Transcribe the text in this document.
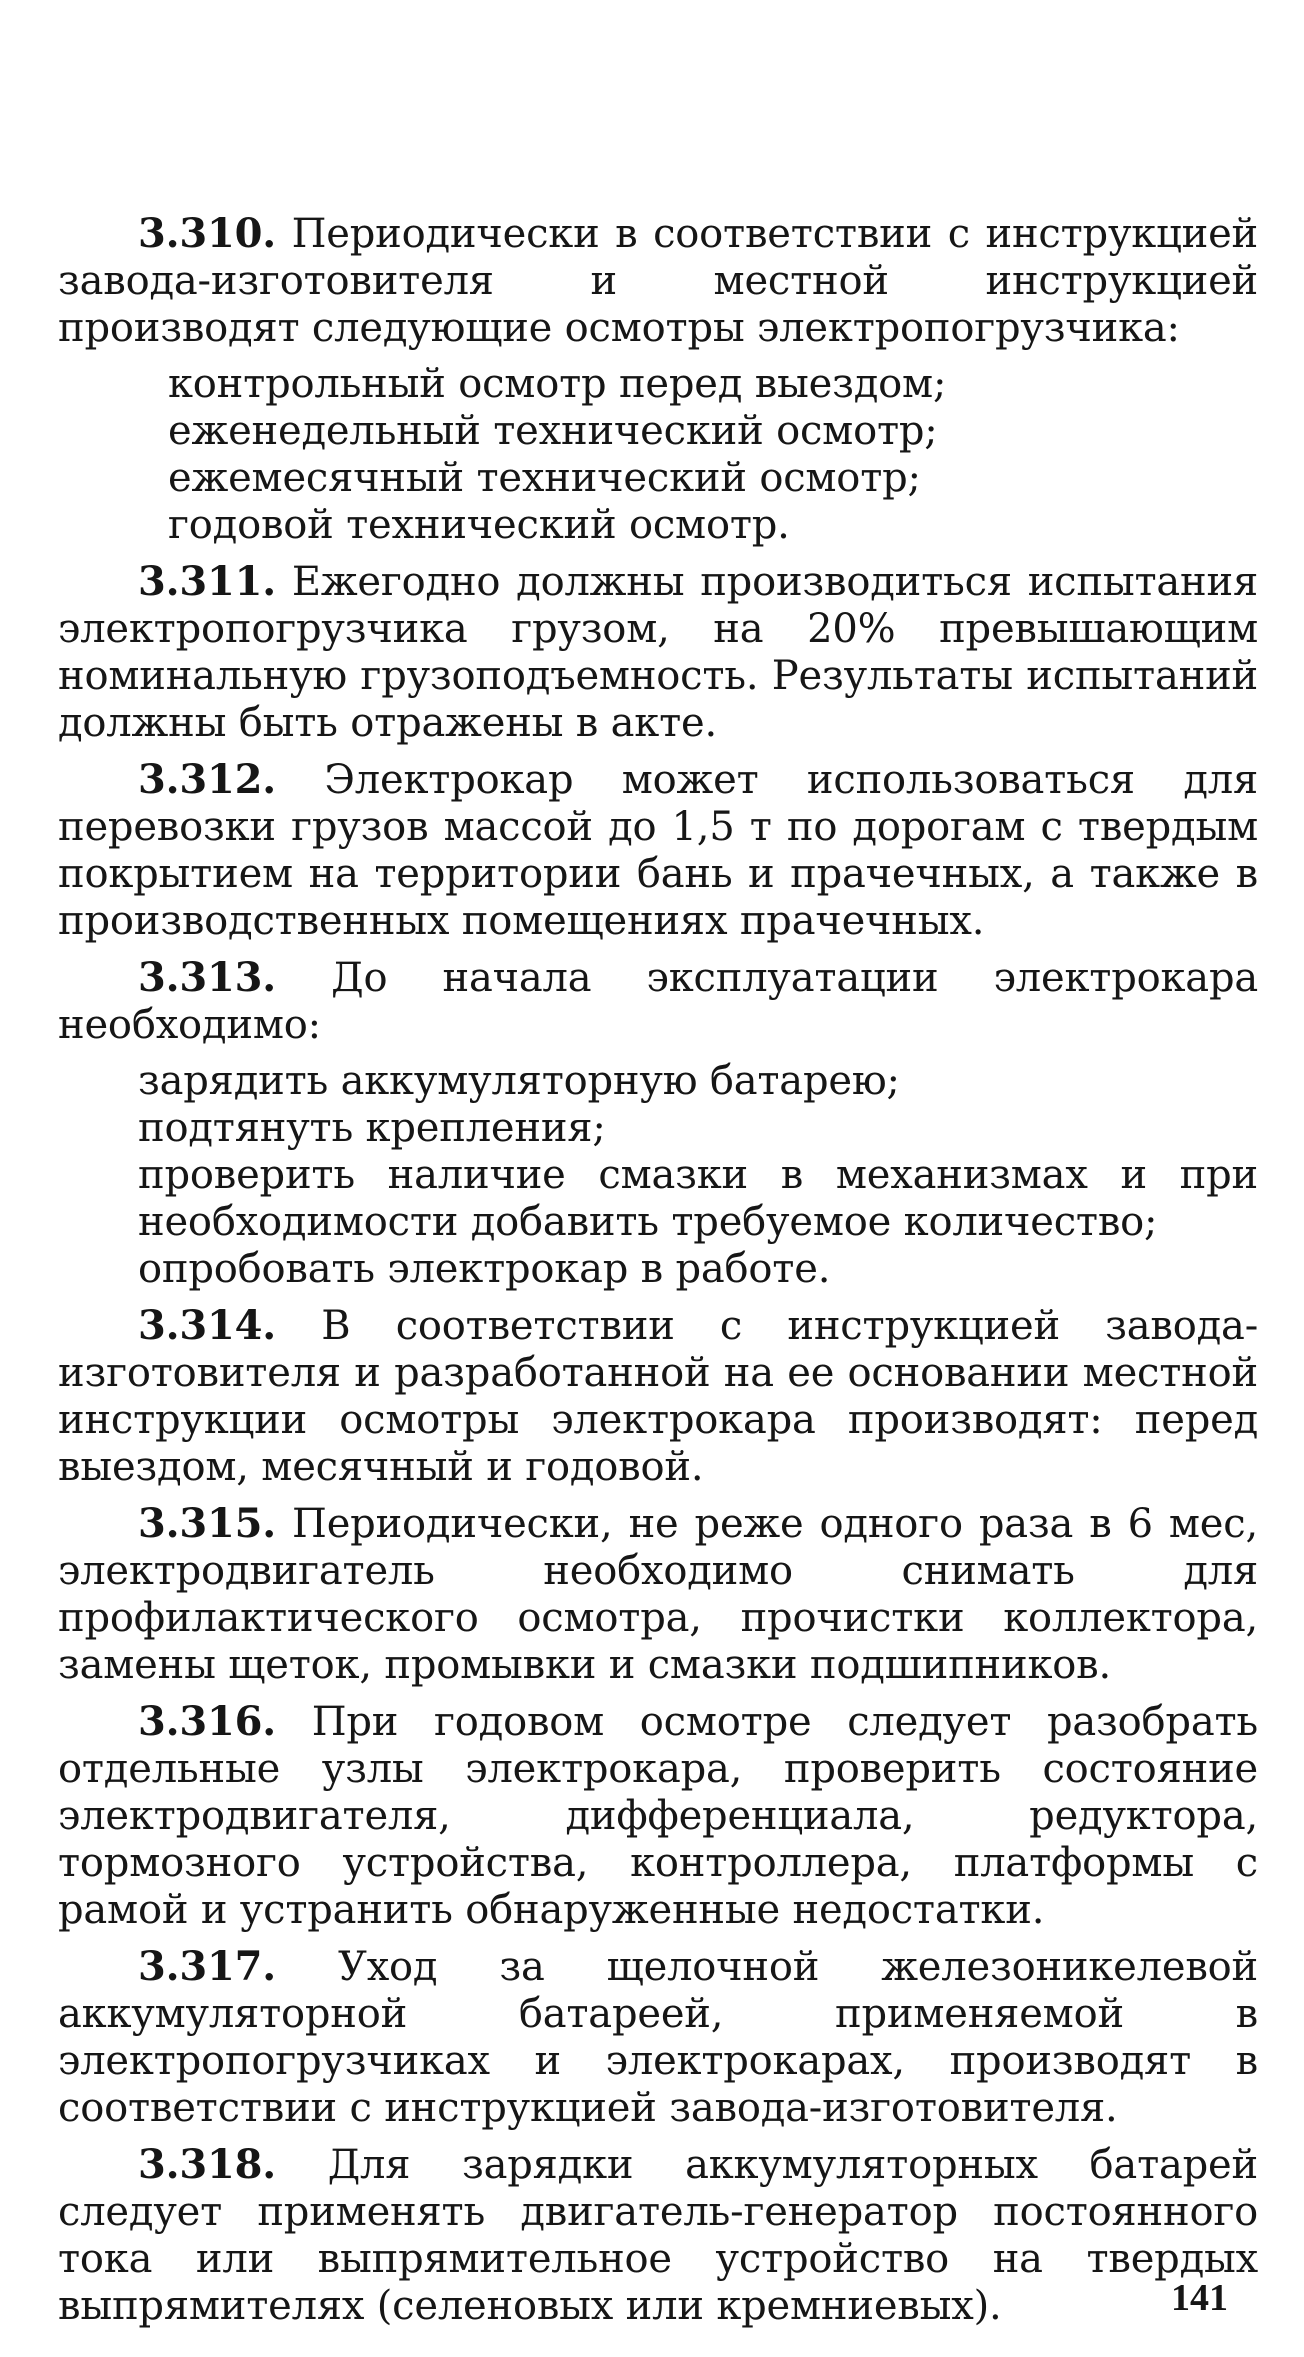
3.310. Периодически в соответствии с инструкцией завода-изготовителя и местной инструкцией производят следующие осмотры электропогрузчика:

контрольный осмотр перед выездом;
еженедельный технический осмотр;
ежемесячный технический осмотр;
годовой технический осмотр.

3.311. Ежегодно должны производиться испытания электропогрузчика грузом, на 20% превышающим номинальную грузоподъемность. Результаты испытаний должны быть отражены в акте.

3.312. Электрокар может использоваться для перевозки грузов массой до 1,5 т по дорогам с твердым покрытием на территории бань и прачечных, а также в производственных помещениях прачечных.

3.313. До начала эксплуатации электрокара необходимо:

зарядить аккумуляторную батарею;
подтянуть крепления;
проверить наличие смазки в механизмах и при необходимости добавить требуемое количество;
опробовать электрокар в работе.

3.314. В соответствии с инструкцией завода-изготовителя и разработанной на ее основании местной инструкции осмотры электрокара производят: перед выездом, месячный и годовой.

3.315. Периодически, не реже одного раза в 6 мес, электродвигатель необходимо снимать для профилактического осмотра, прочистки коллектора, замены щеток, промывки и смазки подшипников.

3.316. При годовом осмотре следует разобрать отдельные узлы электрокара, проверить состояние электродвигателя, дифференциала, редуктора, тормозного устройства, контроллера, платформы с рамой и устранить обнаруженные недостатки.

3.317. Уход за щелочной железоникелевой аккумуляторной батареей, применяемой в электропогрузчиках и электрокарах, производят в соответствии с инструкцией завода-изготовителя.

3.318. Для зарядки аккумуляторных батарей следует применять двигатель-генератор постоянного тока или выпрямительное устройство на твердых выпрямителях (селеновых или кремниевых).	141
